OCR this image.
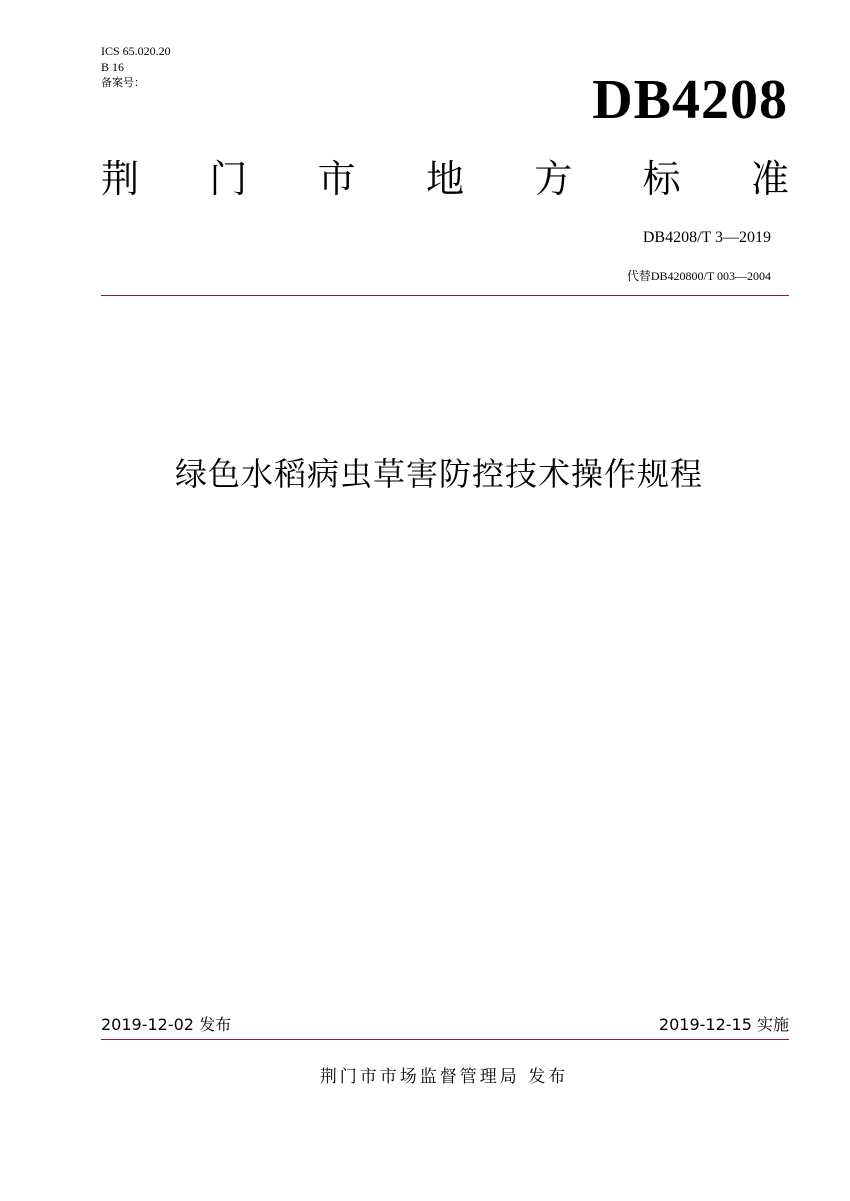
ICS 65.020.20
B 16
备案号：	DB4208
荆 门 市 地 方 标 准
DB4208/T 3—2019
代替DB420800/T 003—2004
绿色水稻病虫草害防控技术操作规程
2019-12-02 发布	2019-12-15 实施
荆门市市场监督管理局 发布
